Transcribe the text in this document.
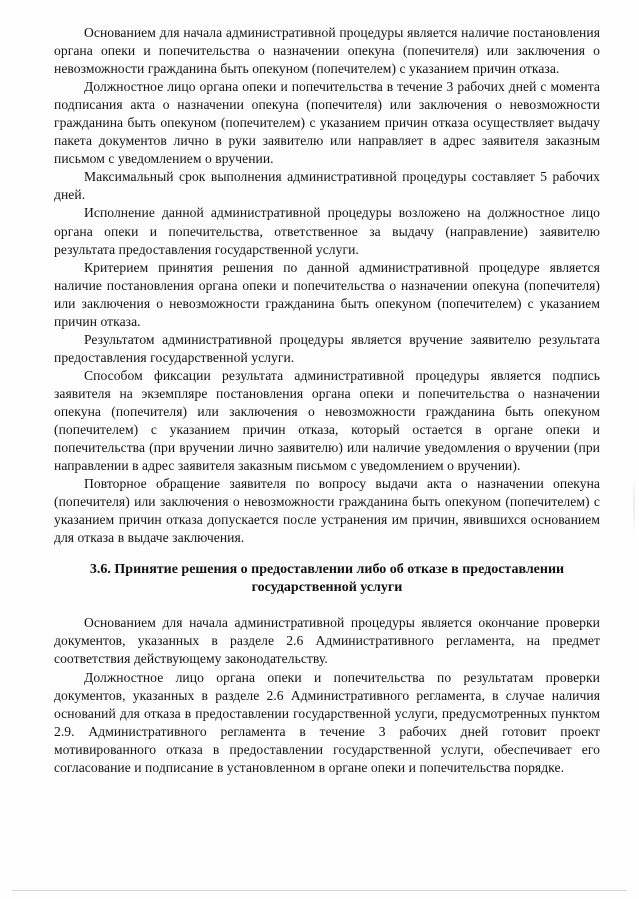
Основанием для начала административной процедуры является наличие постановления органа опеки и попечительства о назначении опекуна (попечителя) или заключения о невозможности гражданина быть опекуном (попечителем) с указанием причин отказа.

Должностное лицо органа опеки и попечительства в течение 3 рабочих дней с момента подписания акта о назначении опекуна (попечителя) или заключения о невозможности гражданина быть опекуном (попечителем) с указанием причин отказа осуществляет выдачу пакета документов лично в руки заявителю или направляет в адрес заявителя заказным письмом с уведомлением о вручении.

Максимальный срок выполнения административной процедуры составляет 5 рабочих дней.

Исполнение данной административной процедуры возложено на должностное лицо органа опеки и попечительства, ответственное за выдачу (направление) заявителю результата предоставления государственной услуги.

Критерием принятия решения по данной административной процедуре является наличие постановления органа опеки и попечительства о назначении опекуна (попечителя) или заключения о невозможности гражданина быть опекуном (попечителем) с указанием причин отказа.

Результатом административной процедуры является вручение заявителю результата предоставления государственной услуги.

Способом фиксации результата административной процедуры является подпись заявителя на экземпляре постановления органа опеки и попечительства о назначении опекуна (попечителя) или заключения о невозможности гражданина быть опекуном (попечителем) с указанием причин отказа, который остается в органе опеки и попечительства (при вручении лично заявителю) или наличие уведомления о вручении (при направлении в адрес заявителя заказным письмом с уведомлением о вручении).

Повторное обращение заявителя по вопросу выдачи акта о назначении опекуна (попечителя) или заключения о невозможности гражданина быть опекуном (попечителем) с указанием причин отказа допускается после устранения им причин, явившихся основанием для отказа в выдаче заключения.

3.6. Принятие решения о предоставлении либо об отказе в предоставлении
государственной услуги

Основанием для начала административной процедуры является окончание проверки документов, указанных в разделе 2.6 Административного регламента, на предмет соответствия действующему законодательству.

Должностное лицо органа опеки и попечительства по результатам проверки документов, указанных в разделе 2.6 Административного регламента, в случае наличия оснований для отказа в предоставлении государственной услуги, предусмотренных пунктом 2.9. Административного регламента в течение 3 рабочих дней готовит проект мотивированного отказа в предоставлении государственной услуги, обеспечивает его согласование и подписание в установленном в органе опеки и попечительства порядке.
